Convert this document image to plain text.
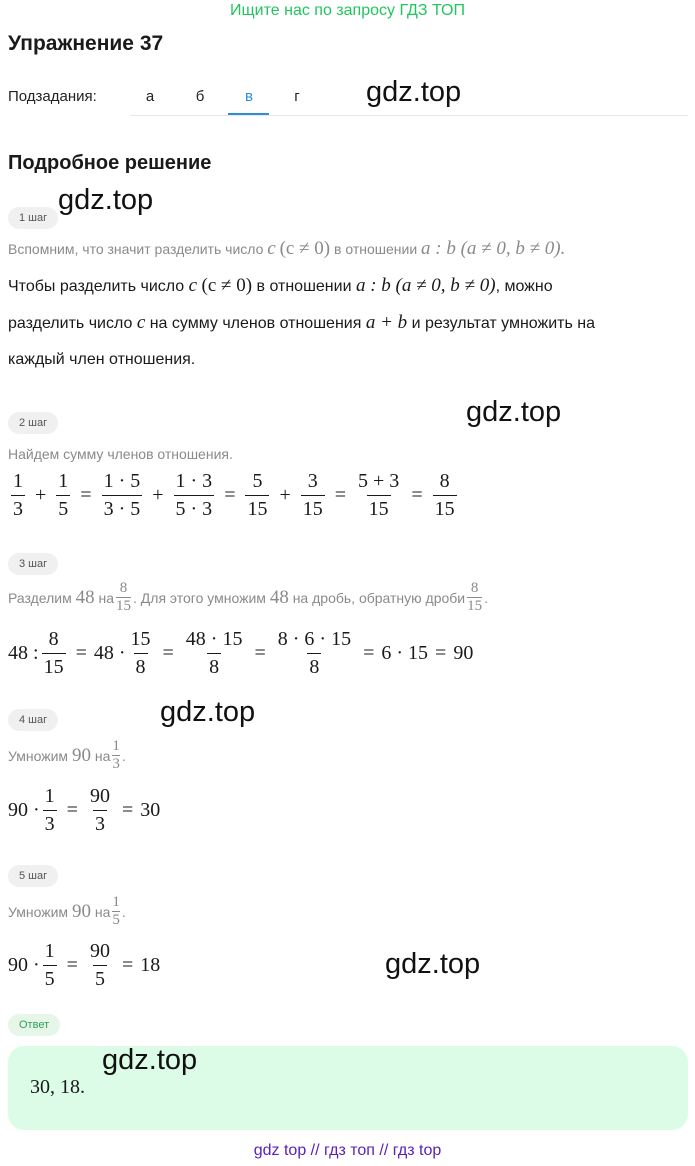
Ищите нас по запросу ГДЗ ТОП
Упражнение 37
Подзадания:	а	б	в	г	gdz.top
gdz.top
gdz.top
gdz.top
gdz.top
Подробное решение
1 шаг
Вспомним, что значит разделить число c (c ≠ 0) в отношении a : b (a ≠ 0, b ≠ 0).
Чтобы разделить число c (c ≠ 0) в отношении a : b (a ≠ 0, b ≠ 0), можно
разделить число c на сумму членов отношения a + b и результат умножить на
каждый член отношения.
2 шаг
Найдем сумму членов отношения.
$\frac{1}{3} + \frac{1}{5} = \frac{1 \cdot 5}{3 \cdot 5} + \frac{1 \cdot 3}{5 \cdot 3} = \frac{5}{15} + \frac{3}{15} = \frac{5 + 3}{15} = \frac{8}{15}$
3 шаг
Разделим
48
на $\frac{8}{15}$ . Для этого умножим
48
на дробь, обратную дроби $\frac{8}{15}$ .
48 : $\frac{8}{15} = 48 \cdot \frac{15}{8} = \frac{48 \cdot 15}{8} = \frac{8 \cdot 6 \cdot 15}{8} = 6 \cdot 15 = 90$
4 шаг
Умножим
90
на $\frac{1}{3}$ .
$90 \cdot \frac{1}{3} = \frac{90}{3} = 30$
5 шаг
Умножим
90
на $\frac{1}{5}$ .
$90 \cdot \frac{1}{5} = \frac{90}{5} = 18$
Ответ
30, 18.
gdz.top
gdz top // гдз топ // гдз top
